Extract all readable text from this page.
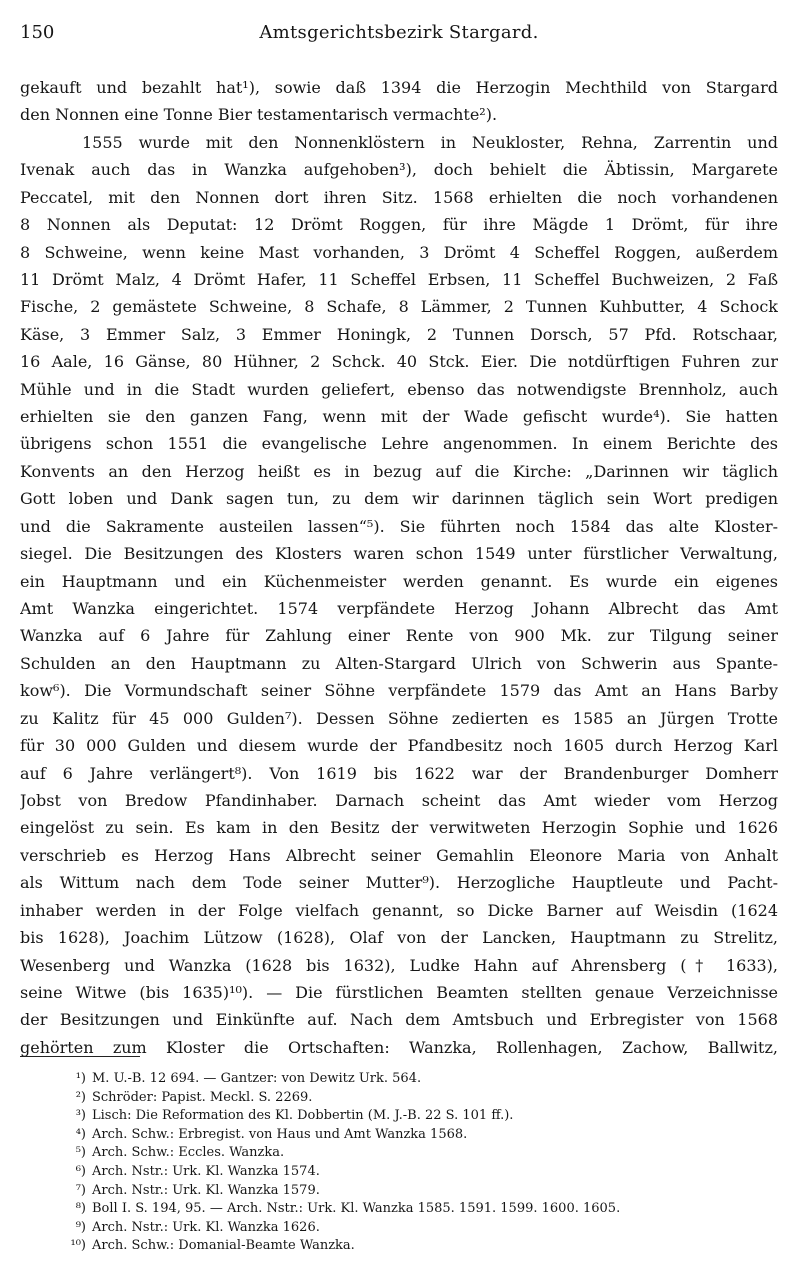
150	Amtsgerichtsbezirk Stargard.
gekauft und bezahlt hat¹), sowie daß 1394 die Herzogin Mechthild von Stargard
den Nonnen eine Tonne Bier testamentarisch vermachte²).
1555 wurde mit den Nonnenklöstern in Neukloster, Rehna, Zarrentin und
Ivenak auch das in Wanzka aufgehoben³), doch behielt die Äbtissin, Margarete
Peccatel, mit den Nonnen dort ihren Sitz. 1568 erhielten die noch vorhandenen
8 Nonnen als Deputat: 12 Drömt Roggen, für ihre Mägde 1 Drömt, für ihre
8 Schweine, wenn keine Mast vorhanden, 3 Drömt 4 Scheffel Roggen, außerdem
11 Drömt Malz, 4 Drömt Hafer, 11 Scheffel Erbsen, 11 Scheffel Buchweizen, 2 Faß
Fische, 2 gemästete Schweine, 8 Schafe, 8 Lämmer, 2 Tunnen Kuhbutter, 4 Schock
Käse, 3 Emmer Salz, 3 Emmer Honingk, 2 Tunnen Dorsch, 57 Pfd. Rotschaar,
16 Aale, 16 Gänse, 80 Hühner, 2 Schck. 40 Stck. Eier. Die notdürftigen Fuhren zur
Mühle und in die Stadt wurden geliefert, ebenso das notwendigste Brennholz, auch
erhielten sie den ganzen Fang, wenn mit der Wade gefischt wurde⁴). Sie hatten
übrigens schon 1551 die evangelische Lehre angenommen. In einem Berichte des
Konvents an den Herzog heißt es in bezug auf die Kirche: „Darinnen wir täglich
Gott loben und Dank sagen tun, zu dem wir darinnen täglich sein Wort predigen
und die Sakramente austeilen lassen“⁵). Sie führten noch 1584 das alte Kloster-
siegel. Die Besitzungen des Klosters waren schon 1549 unter fürstlicher Verwaltung,
ein Hauptmann und ein Küchenmeister werden genannt. Es wurde ein eigenes
Amt Wanzka eingerichtet. 1574 verpfändete Herzog Johann Albrecht das Amt
Wanzka auf 6 Jahre für Zahlung einer Rente von 900 Mk. zur Tilgung seiner
Schulden an den Hauptmann zu Alten-Stargard Ulrich von Schwerin aus Spante-
kow⁶). Die Vormundschaft seiner Söhne verpfändete 1579 das Amt an Hans Barby
zu Kalitz für 45 000 Gulden⁷). Dessen Söhne zedierten es 1585 an Jürgen Trotte
für 30 000 Gulden und diesem wurde der Pfandbesitz noch 1605 durch Herzog Karl
auf 6 Jahre verlängert⁸). Von 1619 bis 1622 war der Brandenburger Domherr
Jobst von Bredow Pfandinhaber. Darnach scheint das Amt wieder vom Herzog
eingelöst zu sein. Es kam in den Besitz der verwitweten Herzogin Sophie und 1626
verschrieb es Herzog Hans Albrecht seiner Gemahlin Eleonore Maria von Anhalt
als Wittum nach dem Tode seiner Mutter⁹). Herzogliche Hauptleute und Pacht-
inhaber werden in der Folge vielfach genannt, so Dicke Barner auf Weisdin (1624
bis 1628), Joachim Lützow (1628), Olaf von der Lancken, Hauptmann zu Strelitz,
Wesenberg und Wanzka (1628 bis 1632), Ludke Hahn auf Ahrensberg († 1633),
seine Witwe (bis 1635)¹⁰). — Die fürstlichen Beamten stellten genaue Verzeichnisse
der Besitzungen und Einkünfte auf. Nach dem Amtsbuch und Erbregister von 1568
gehörten zum Kloster die Ortschaften: Wanzka, Rollenhagen, Zachow, Ballwitz,
¹) M. U.-B. 12 694. — Gantzer: von Dewitz Urk. 564.
²) Schröder: Papist. Meckl. S. 2269.
³) Lisch: Die Reformation des Kl. Dobbertin (M. J.-B. 22 S. 101 ff.).
⁴) Arch. Schw.: Erbregist. von Haus und Amt Wanzka 1568.
⁵) Arch. Schw.: Eccles. Wanzka.
⁶) Arch. Nstr.: Urk. Kl. Wanzka 1574.
⁷) Arch. Nstr.: Urk. Kl. Wanzka 1579.
⁸) Boll I. S. 194, 95. — Arch. Nstr.: Urk. Kl. Wanzka 1585. 1591. 1599. 1600. 1605.
⁹) Arch. Nstr.: Urk. Kl. Wanzka 1626.
¹⁰) Arch. Schw.: Domanial-Beamte Wanzka.
